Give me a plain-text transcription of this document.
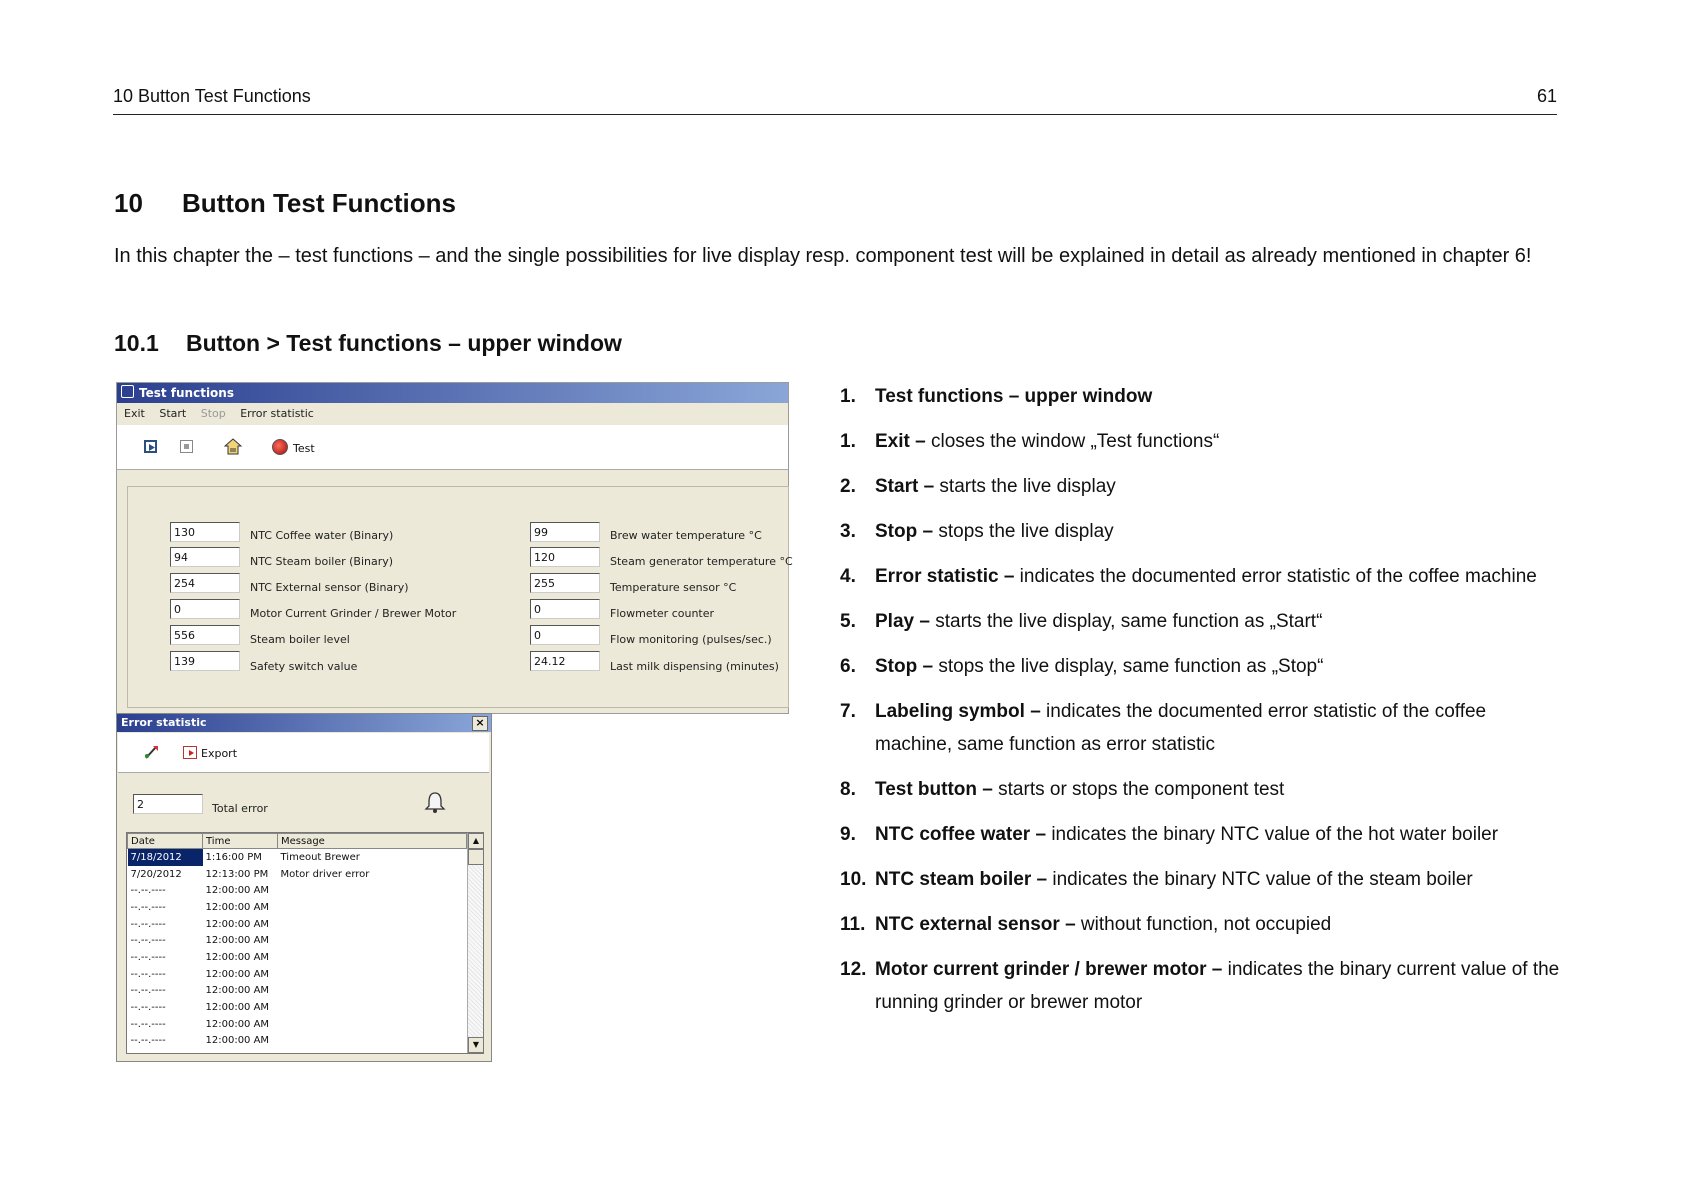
10 Button Test Functions	61
10 Button Test Functions
In this chapter the – test functions – and the single possibilities for live display resp. component test will be explained in detail as already mentioned in chapter 6!
10.1 Button > Test functions – upper window
Test functions
Exit Start Stop Error statistic
Test
130	NTC Coffee water (Binary)
94	NTC Steam boiler (Binary)
254	NTC External sensor (Binary)
0	Motor Current Grinder / Brewer Motor
556	Steam boiler level
139	Safety switch value
99	Brew water temperature °C
120	Steam generator temperature °C
255	Temperature sensor °C
0	Flowmeter counter
0	Flow monitoring (pulses/sec.)
24.12	Last milk dispensing (minutes)
Error statistic	×
Export
2	Total error
Date	Time	Message
7/18/2012	1:16:00 PM	Timeout Brewer
7/20/2012	12:13:00 PM	Motor driver error
--.--.----	12:00:00 AM	
--.--.----	12:00:00 AM	
--.--.----	12:00:00 AM	
--.--.----	12:00:00 AM	
--.--.----	12:00:00 AM	
--.--.----	12:00:00 AM	
--.--.----	12:00:00 AM	
--.--.----	12:00:00 AM	
--.--.----	12:00:00 AM	
--.--.----	12:00:00 AM	
▲
▼
1. Test functions – upper window
1. Exit – closes the window „Test functions“
2. Start – starts the live display
3. Stop – stops the live display
4. Error statistic – indicates the documented error statistic of the coffee machine
5. Play – starts the live display, same function as „Start“
6. Stop – stops the live display, same function as „Stop“
7. Labeling symbol – indicates the documented error statistic of the coffee machine, same function as error statistic
8. Test button – starts or stops the component test
9. NTC coffee water – indicates the binary NTC value of the hot water boiler
10. NTC steam boiler – indicates the binary NTC value of the steam boiler
11. NTC external sensor – without function, not occupied
12. Motor current grinder / brewer motor – indicates the binary current value of the running grinder or brewer motor
